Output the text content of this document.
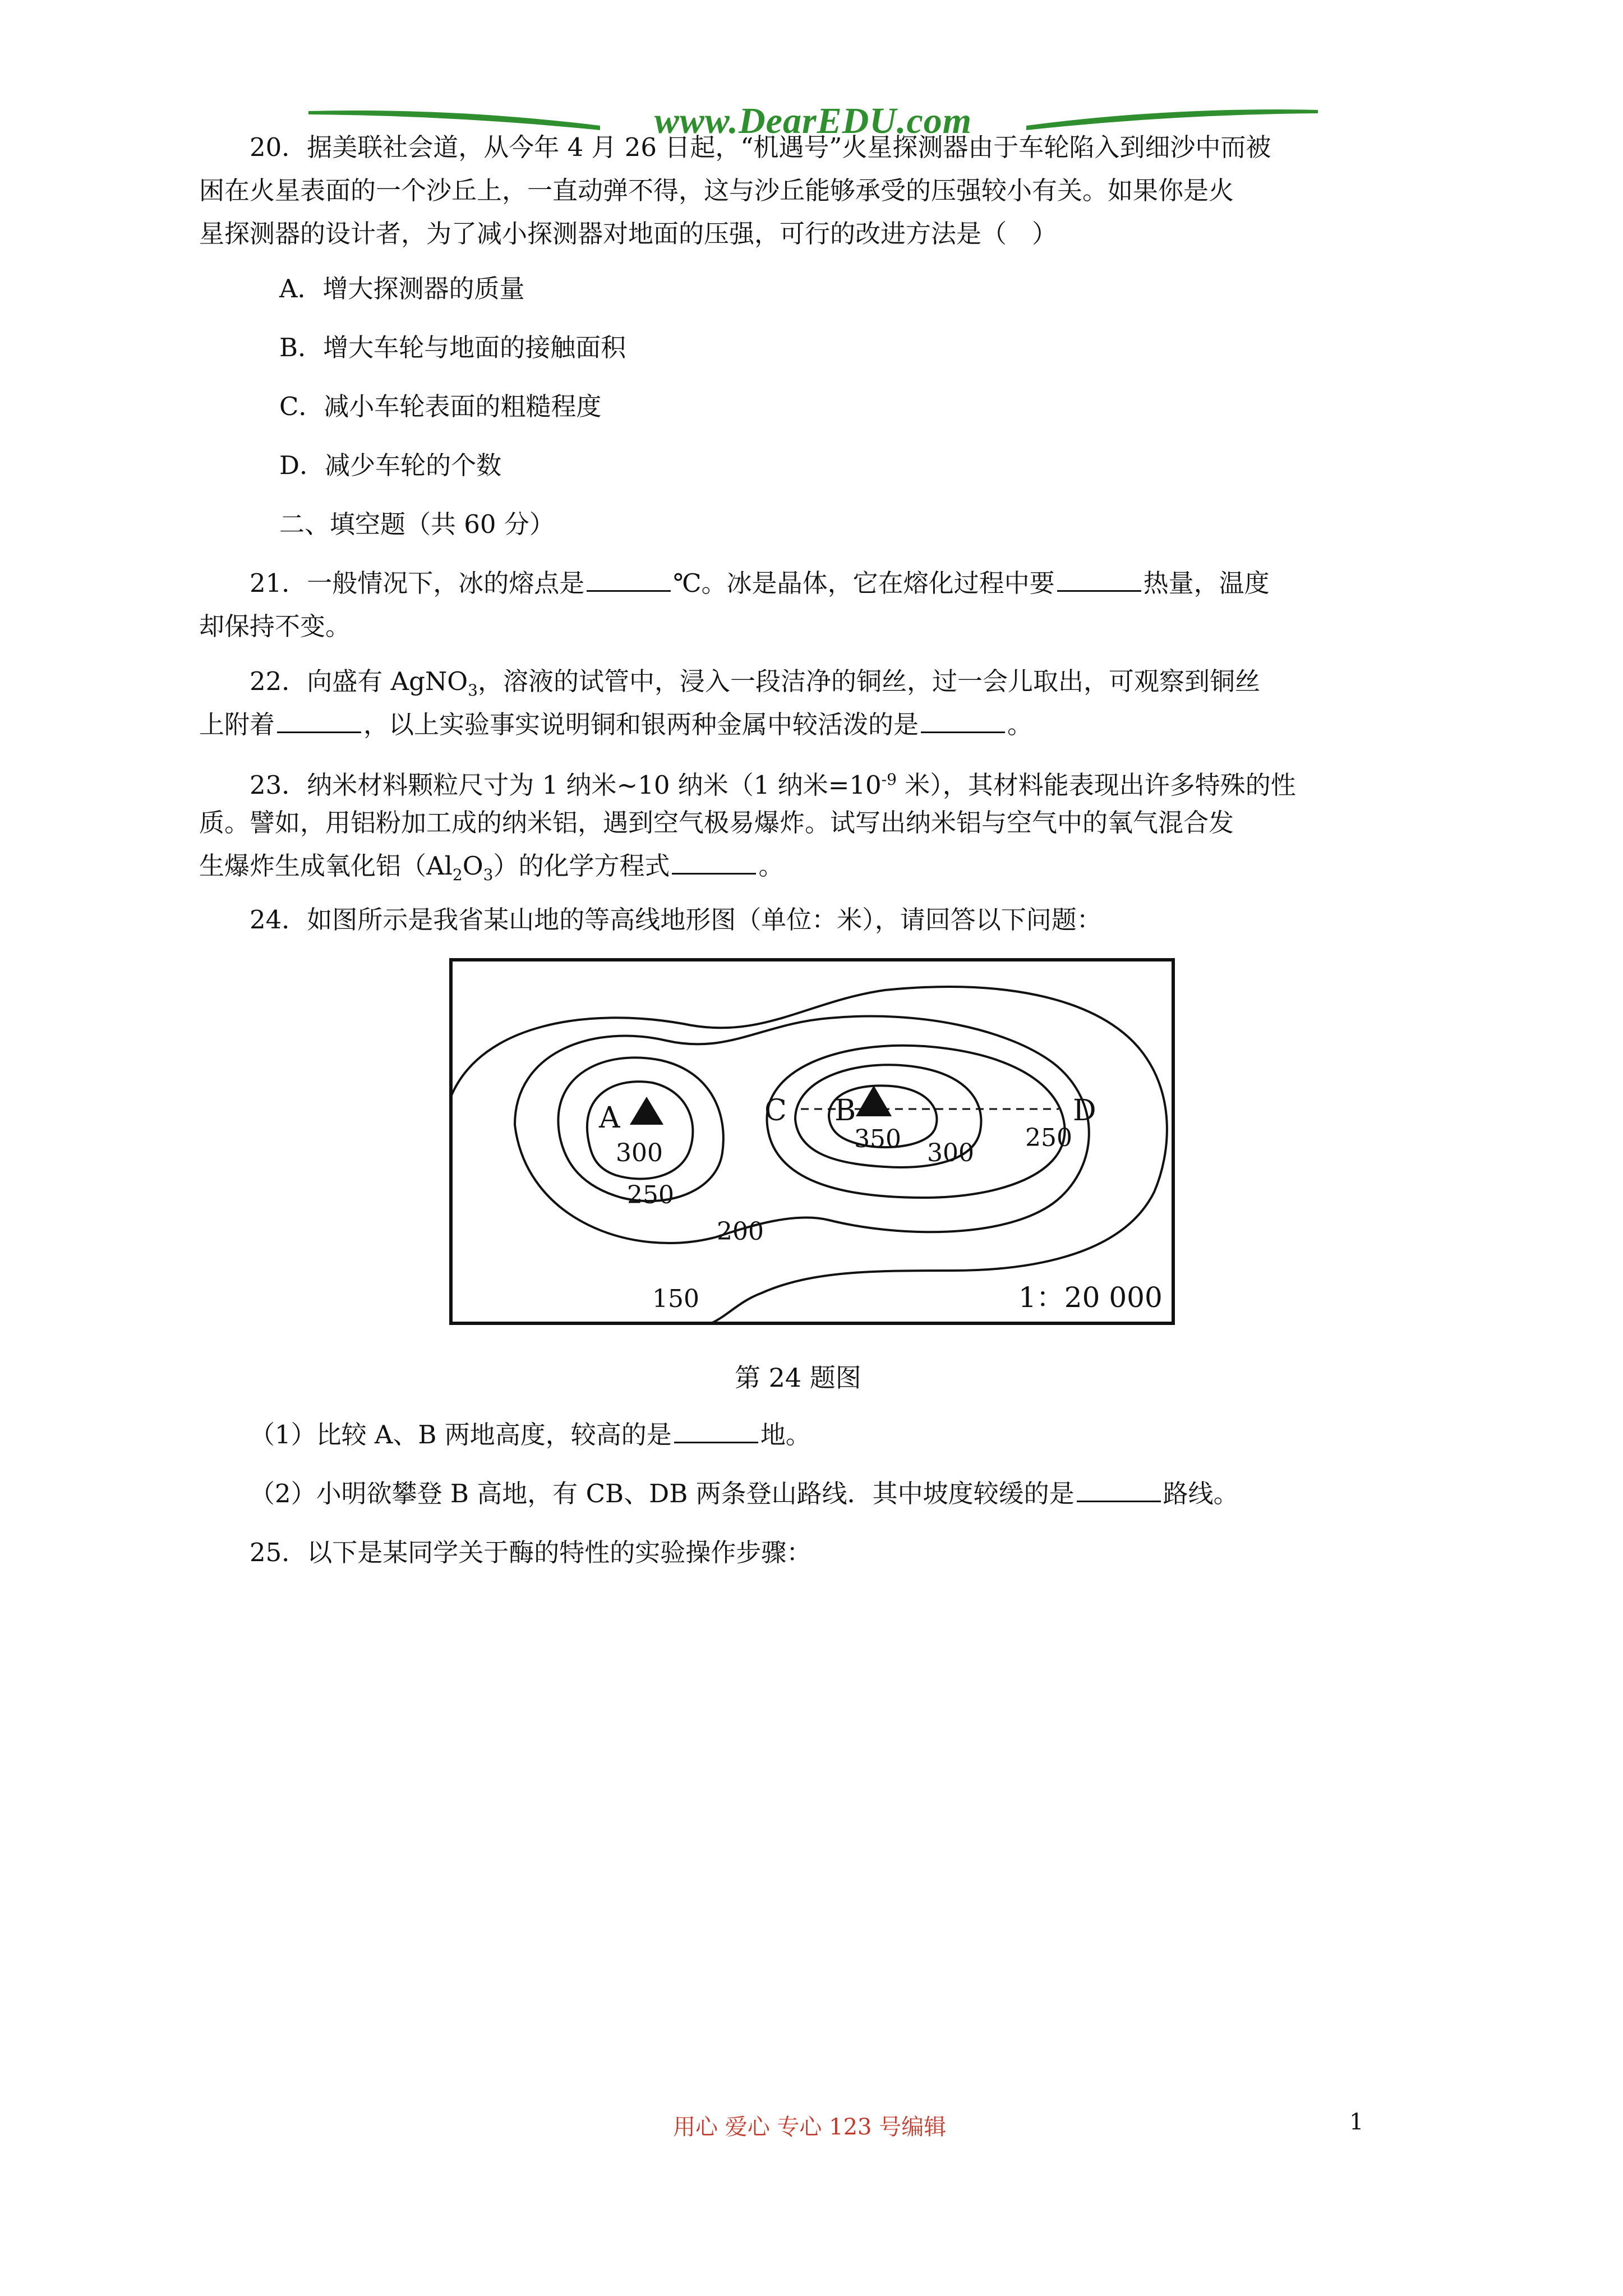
www.DearEDU.com
20．据美联社会道，从今年 4 月 26 日起，“机遇号”火星探测器由于车轮陷入到细沙中而被
困在火星表面的一个沙丘上，一直动弹不得，这与沙丘能够承受的压强较小有关。如果你是火
星探测器的设计者，为了减小探测器对地面的压强，可行的改进方法是（　）
A．增大探测器的质量
B．增大车轮与地面的接触面积
C．减小车轮表面的粗糙程度
D．减少车轮的个数
二、填空题（共 60 分）
21．一般情况下，冰的熔点是	℃。冰是晶体，它在熔化过程中要	热量，温度
却保持不变。
22．向盛有 AgNO$_3$，溶液的试管中，浸入一段洁净的铜丝，过一会儿取出，可观察到铜丝
上附着	，以上实验事实说明铜和银两种金属中较活泼的是	。
23．纳米材料颗粒尺寸为 1 纳米~10 纳米（1 纳米$=10^{-9}$ 米），其材料能表现出许多特殊的性
质。譬如，用铝粉加工成的纳米铝，遇到空气极易爆炸。试写出纳米铝与空气中的氧气混合发
生爆炸生成氧化铝$(Al_2O_3)$的化学方程式	。
24．如图所示是我省某山地的等高线地形图（单位：米），请回答以下问题：
A	C B	D
300
250
200
150
350 300
250
1：20 000
第 24 题图
（1）比较 A、B 两地高度，较高的是	地。
（2）小明欲攀登 B 高地，有 CB、DB 两条登山路线．其中坡度较缓的是	路线。
25．以下是某同学关于酶的特性的实验操作步骤：
用心 爱心 专心 123 号编辑	1
